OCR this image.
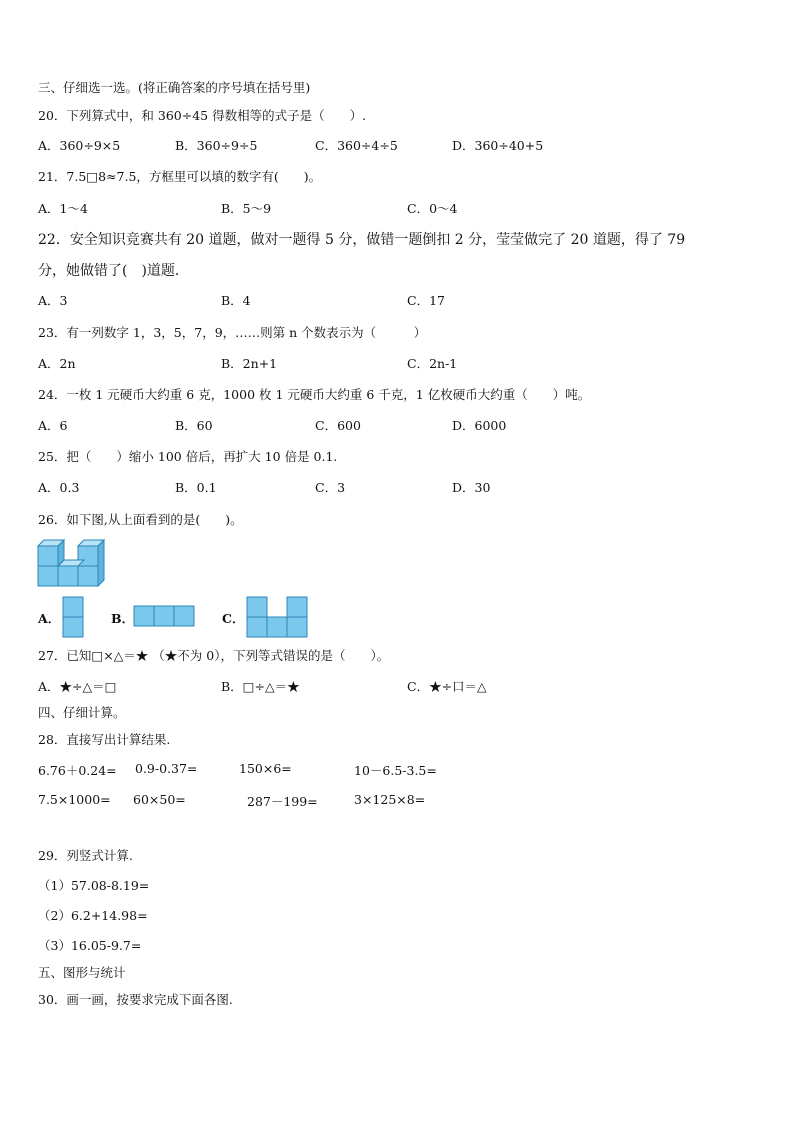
三、仔细选一选。(将正确答案的序号填在括号里)
20．下列算式中，和 360÷45 得数相等的式子是（　　）.
A．360÷9×5	B．360÷9÷5	C．360÷4÷5	D．360÷40+5
21．7.5□8≈7.5，方框里可以填的数字有(　　)。
A．1～4	B．5～9	C．0～4
22．安全知识竞赛共有 20 道题，做对一题得 5 分，做错一题倒扣 2 分，莹莹做完了 20 道题，得了 79
分，她做错了(　)道题.
A．3	B．4	C．17
23．有一列数字 1，3，5，7，9，……则第 n 个数表示为（　　　）
A．2n	B．2n+1	C．2n-1
24．一枚 1 元硬币大约重 6 克，1000 枚 1 元硬币大约重 6 千克，1 亿枚硬币大约重（　　）吨。
A．6	B．60	C．600	D．6000
25．把（　　）缩小 100 倍后，再扩大 10 倍是 0.1.
A．0.3	B．0.1	C．3	D．30
26．如下图,从上面看到的是(　　)。
A．	B．	C．
27．已知□×△＝★ （★不为 0），下列等式错误的是（　　）。
A．★÷△＝□	B．□÷△＝★	C．★÷口＝△
四、仔细计算。
28．直接写出计算结果.
6.76＋0.24= 0.9-0.37=	150×6=	10－6.5-3.5=
7.5×1000= 60×50=	287－199=	3×125×8=
29．列竖式计算.
（1）57.08-8.19=
（2）6.2+14.98=
（3）16.05-9.7=
五、图形与统计
30．画一画，按要求完成下面各图.
